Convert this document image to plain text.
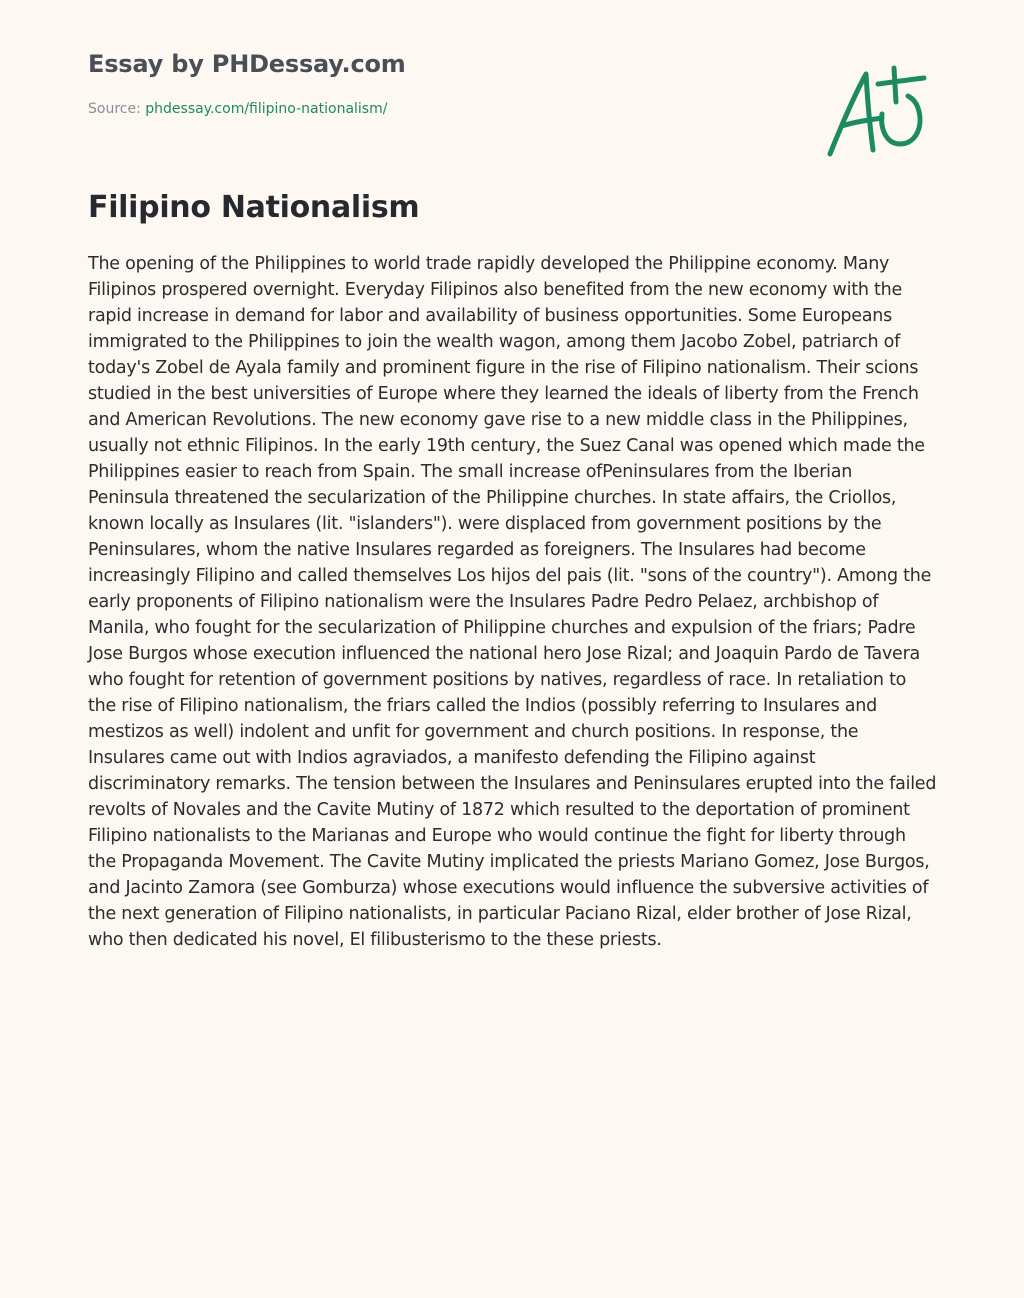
Essay by PHDessay.com
Source: phdessay.com/filipino-nationalism/
Filipino Nationalism

The opening of the Philippines to world trade rapidly developed the Philippine economy. Many Filipinos prospered overnight. Everyday Filipinos also benefited from the new economy with the rapid increase in demand for labor and availability of business opportunities. Some Europeans immigrated to the Philippines to join the wealth wagon, among them Jacobo Zobel, patriarch of today's Zobel de Ayala family and prominent figure in the rise of Filipino nationalism. Their scions studied in the best universities of Europe where they learned the ideals of liberty from the French and American Revolutions. The new economy gave rise to a new middle class in the Philippines, usually not ethnic Filipinos. In the early 19th century, the Suez Canal was opened which made the Philippines easier to reach from Spain. The small increase ofPeninsulares from the Iberian Peninsula threatened the secularization of the Philippine churches. In state affairs, the Criollos, known locally as Insulares (lit. "islanders"). were displaced from government positions by the Peninsulares, whom the native Insulares regarded as foreigners. The Insulares had become increasingly Filipino and called themselves Los hijos del pais (lit. "sons of the country"). Among the early proponents of Filipino nationalism were the Insulares Padre Pedro Pelaez, archbishop of Manila, who fought for the secularization of Philippine churches and expulsion of the friars; Padre Jose Burgos whose execution influenced the national hero Jose Rizal; and Joaquin Pardo de Tavera who fought for retention of government positions by natives, regardless of race. In retaliation to the rise of Filipino nationalism, the friars called the Indios (possibly referring to Insulares and mestizos as well) indolent and unfit for government and church positions. In response, the Insulares came out with Indios agraviados, a manifesto defending the Filipino against discriminatory remarks. The tension between the Insulares and Peninsulares erupted into the failed revolts of Novales and the Cavite Mutiny of 1872 which resulted to the deportation of prominent Filipino nationalists to the Marianas and Europe who would continue the fight for liberty through the Propaganda Movement. The Cavite Mutiny implicated the priests Mariano Gomez, Jose Burgos, and Jacinto Zamora (see Gomburza) whose executions would influence the subversive activities of the next generation of Filipino nationalists, in particular Paciano Rizal, elder brother of Jose Rizal, who then dedicated his novel, El filibusterismo to the these priests.
